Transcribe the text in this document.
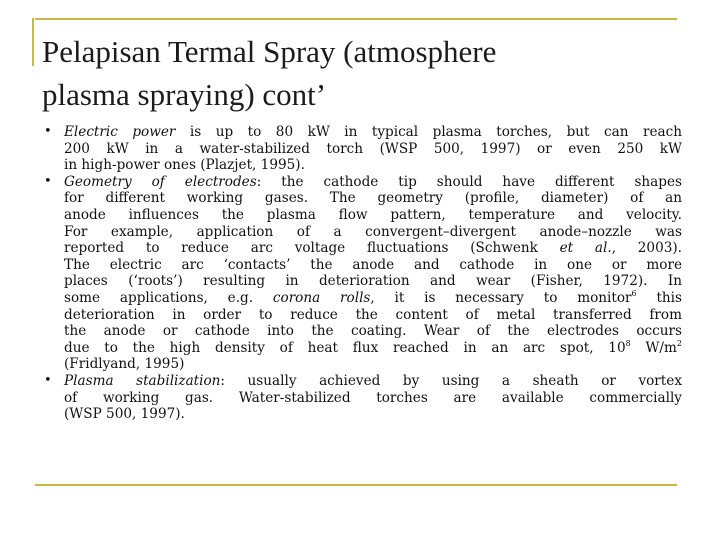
Pelapisan Termal Spray (atmosphere
plasma spraying) cont’
• Electric power is up to 80 kW in typical plasma torches, but can reach
200 kW in a water-stabilized torch (WSP 500, 1997) or even 250 kW
in high-power ones (Plazjet, 1995).
• Geometry of electrodes: the cathode tip should have different shapes
for different working gases. The geometry (profile, diameter) of an
anode influences the plasma flow pattern, temperature and velocity.
For example, application of a convergent–divergent anode–nozzle was
reported to reduce arc voltage fluctuations (Schwenk et al., 2003).
The electric arc ‘contacts’ the anode and cathode in one or more
places (‘roots’) resulting in deterioration and wear (Fisher, 1972). In
some applications, e.g. corona rolls, it is necessary to monitor$^6$ this
deterioration in order to reduce the content of metal transferred from
the anode or cathode into the coating. Wear of the electrodes occurs
due to the high density of heat flux reached in an arc spot, $10^8$ $W/m^2$
(Fridlyand, 1995)
• Plasma stabilization: usually achieved by using a sheath or vortex
of working gas. Water-stabilized torches are available commercially
(WSP 500, 1997).
